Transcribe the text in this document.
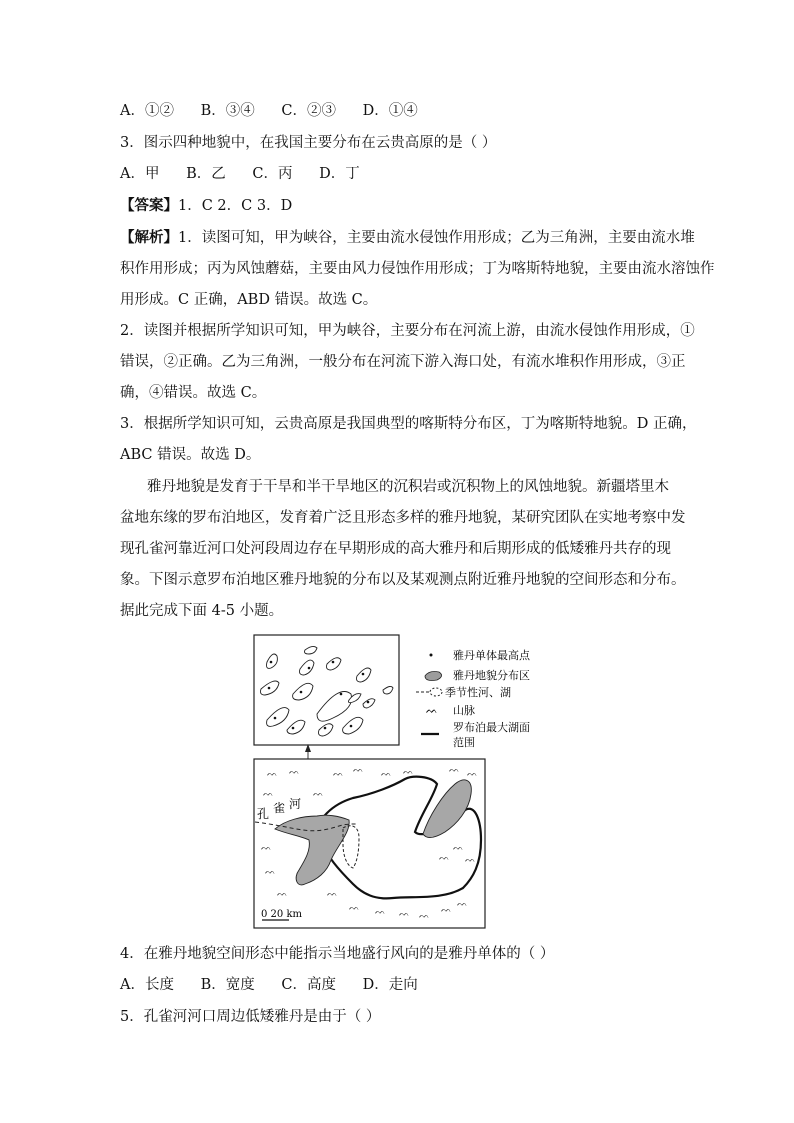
A．①② B．③④ C．②③ D．①④
3．图示四种地貌中，在我国主要分布在云贵高原的是（ ）
A．甲 B．乙 C．丙 D．丁
【答案】1．C 2．C 3．D
【解析】1．读图可知，甲为峡谷，主要由流水侵蚀作用形成；乙为三角洲，主要由流水堆
积作用形成；丙为风蚀蘑菇，主要由风力侵蚀作用形成；丁为喀斯特地貌，主要由流水溶蚀作
用形成。C 正确，ABD 错误。故选 C。
2．读图并根据所学知识可知，甲为峡谷，主要分布在河流上游，由流水侵蚀作用形成，①
错误，②正确。乙为三角洲，一般分布在河流下游入海口处，有流水堆积作用形成，③正
确，④错误。故选 C。
3．根据所学知识可知，云贵高原是我国典型的喀斯特分布区，丁为喀斯特地貌。D 正确，
ABC 错误。故选 D。
雅丹地貌是发育于干旱和半干旱地区的沉积岩或沉积物上的风蚀地貌。新疆塔里木
盆地东缘的罗布泊地区，发育着广泛且形态多样的雅丹地貌，某研究团队在实地考察中发
现孔雀河靠近河口处河段周边存在早期形成的高大雅丹和后期形成的低矮雅丹共存的现
象。下图示意罗布泊地区雅丹地貌的分布以及某观测点附近雅丹地貌的空间形态和分布。
据此完成下面 4-5 小题。
雅丹单体最高点
雅丹地貌分布区
季节性河、湖
ᨓ 山脉
罗布泊最大湖面
范围
孔 雀 河
ᨓ ᨓ	ᨓ ᨓ ᨓ ᨓ	ᨓ ᨓ
ᨓ	ᨓ
ᨓ
ᨓ
ᨓ	ᨓ
ᨓ ᨓ ᨓ ᨓ
ᨓ
ᨓ
ᨓ
ᨓ
ᨓ
0 20 km
4．在雅丹地貌空间形态中能指示当地盛行风向的是雅丹单体的（ ）
A．长度 B．宽度 C．高度 D．走向
5．孔雀河河口周边低矮雅丹是由于（ ）
